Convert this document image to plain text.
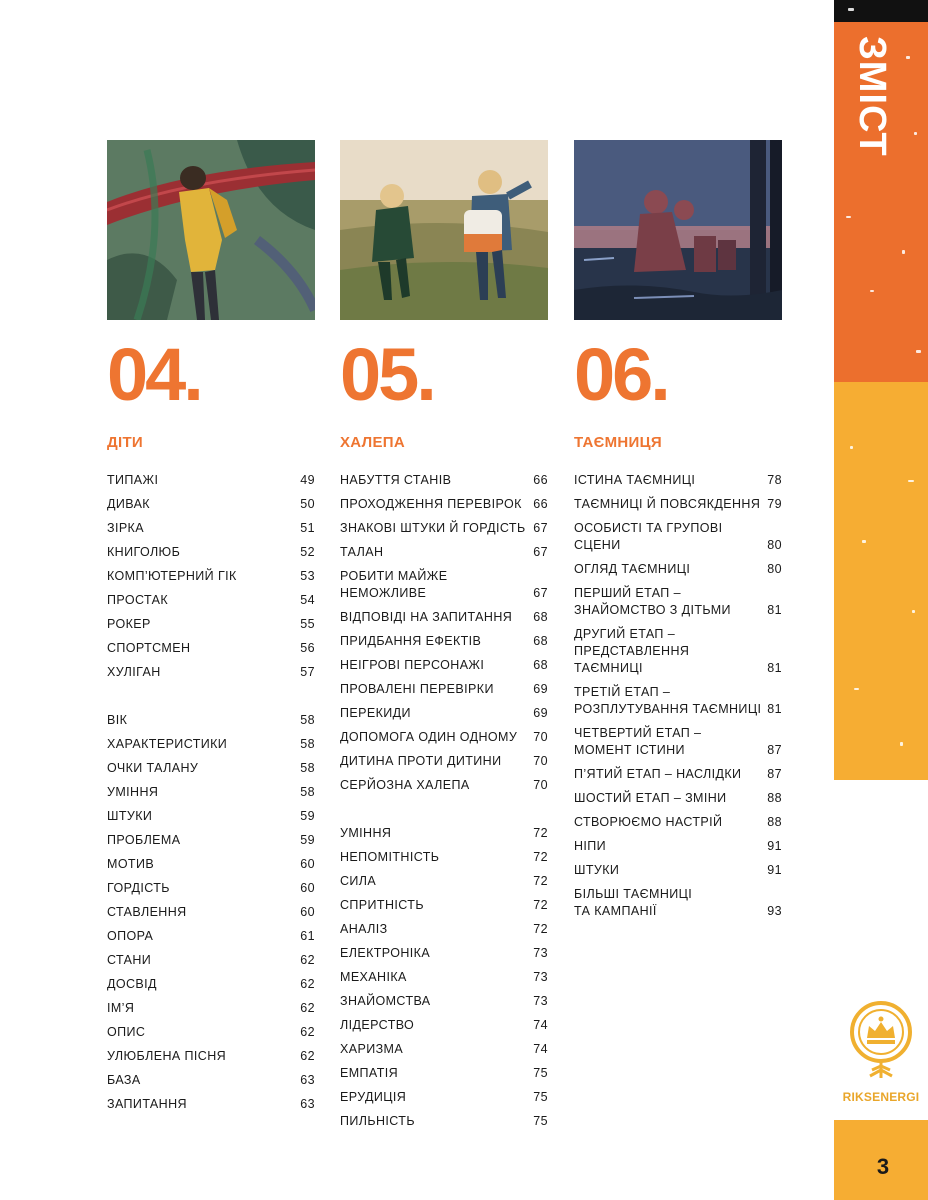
ЗМІСТ
RIKSENERGI
3
04.
ДІТИ
ТИПАЖІ	49
ДИВАК	50
ЗІРКА	51
КНИГОЛЮБ	52
КОМП’ЮТЕРНИЙ ГІК	53
ПРОСТАК	54
РОКЕР	55
СПОРТСМЕН	56
ХУЛІГАН	57
ВІК	58
ХАРАКТЕРИСТИКИ	58
ОЧКИ ТАЛАНУ	58
УМІННЯ	58
ШТУКИ	59
ПРОБЛЕМА	59
МОТИВ	60
ГОРДІСТЬ	60
СТАВЛЕННЯ	60
ОПОРА	61
СТАНИ	62
ДОСВІД	62
ІМ’Я	62
ОПИС	62
УЛЮБЛЕНА ПІСНЯ	62
БАЗА	63
ЗАПИТАННЯ	63
05.
ХАЛЕПА
НАБУТТЯ СТАНІВ	66
ПРОХОДЖЕННЯ ПЕРЕВІРОК 66
ЗНАКОВІ ШТУКИ Й ГОРДІСТЬ 67
ТАЛАН	67
РОБИТИ МАЙЖЕ НЕМОЖЛИВЕ	67
ВІДПОВІДІ НА ЗАПИТАННЯ 68
ПРИДБАННЯ ЕФЕКТІВ	68
НЕІГРОВІ ПЕРСОНАЖІ	68
ПРОВАЛЕНІ ПЕРЕВІРКИ	69
ПЕРЕКИДИ	69
ДОПОМОГА ОДИН ОДНОМУ 70
ДИТИНА ПРОТИ ДИТИНИ	70
СЕРЙОЗНА ХАЛЕПА	70
УМІННЯ	72
НЕПОМІТНІСТЬ	72
СИЛА	72
СПРИТНІСТЬ	72
АНАЛІЗ	72
ЕЛЕКТРОНІКА	73
МЕХАНІКА	73
ЗНАЙОМСТВА	73
ЛІДЕРСТВО	74
ХАРИЗМА	74
ЕМПАТІЯ	75
ЕРУДИЦІЯ	75
ПИЛЬНІСТЬ	75
06.
ТАЄМНИЦЯ
ІСТИНА ТАЄМНИЦІ	78
ТАЄМНИЦІ Й ПОВСЯКДЕННЯ 79
ОСОБИСТІ ТА ГРУПОВІ СЦЕНИ	80
ОГЛЯД ТАЄМНИЦІ	80
ПЕРШИЙ ЕТАП –
ЗНАЙОМСТВО З ДІТЬМИ	81
ДРУГИЙ ЕТАП –
ПРЕДСТАВЛЕННЯ ТАЄМНИЦІ	81
ТРЕТІЙ ЕТАП –
РОЗПЛУТУВАННЯ ТАЄМНИЦІ 81
ЧЕТВЕРТИЙ ЕТАП –
МОМЕНТ ІСТИНИ	87
П’ЯТИЙ ЕТАП – НАСЛІДКИ 87
ШОСТИЙ ЕТАП – ЗМІНИ	88
СТВОРЮЄМО НАСТРІЙ	88
НІПИ	91
ШТУКИ	91
БІЛЬШІ ТАЄМНИЦІ
ТА КАМПАНІЇ	93
